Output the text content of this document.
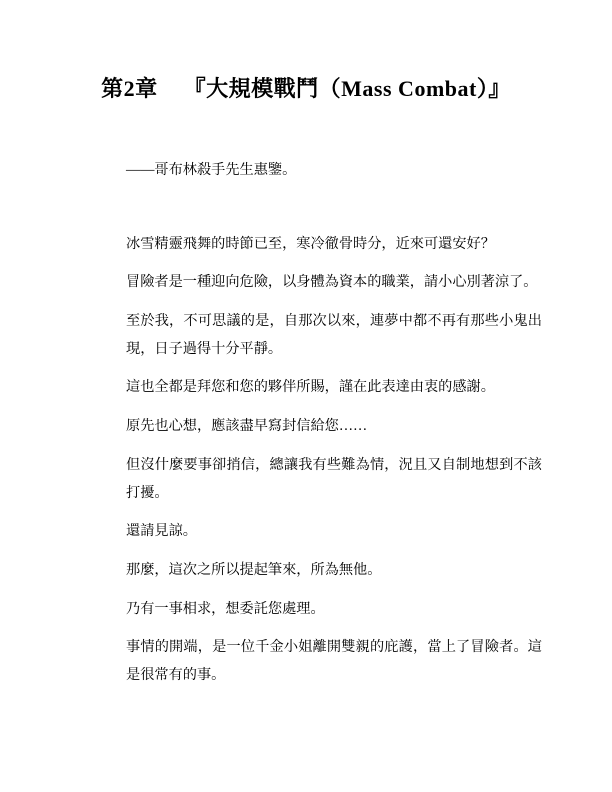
第2章 『大規模戰鬥（Mass Combat）』

——哥布林殺手先生惠鑒。

冰雪精靈飛舞的時節已至，寒冷徹骨時分，近來可還安好？

冒險者是一種迎向危險，以身體為資本的職業，請小心別著涼了。

至於我，不可思議的是，自那次以來，連夢中都不再有那些小鬼出現，日子過得十分平靜。

這也全都是拜您和您的夥伴所賜，謹在此表達由衷的感謝。

原先也心想，應該盡早寫封信給您……

但沒什麼要事卻捎信，總讓我有些難為情，況且又自制地想到不該打擾。

還請見諒。

那麼，這次之所以提起筆來，所為無他。

乃有一事相求，想委託您處理。

事情的開端，是一位千金小姐離開雙親的庇護，當上了冒險者。這是很常有的事。
